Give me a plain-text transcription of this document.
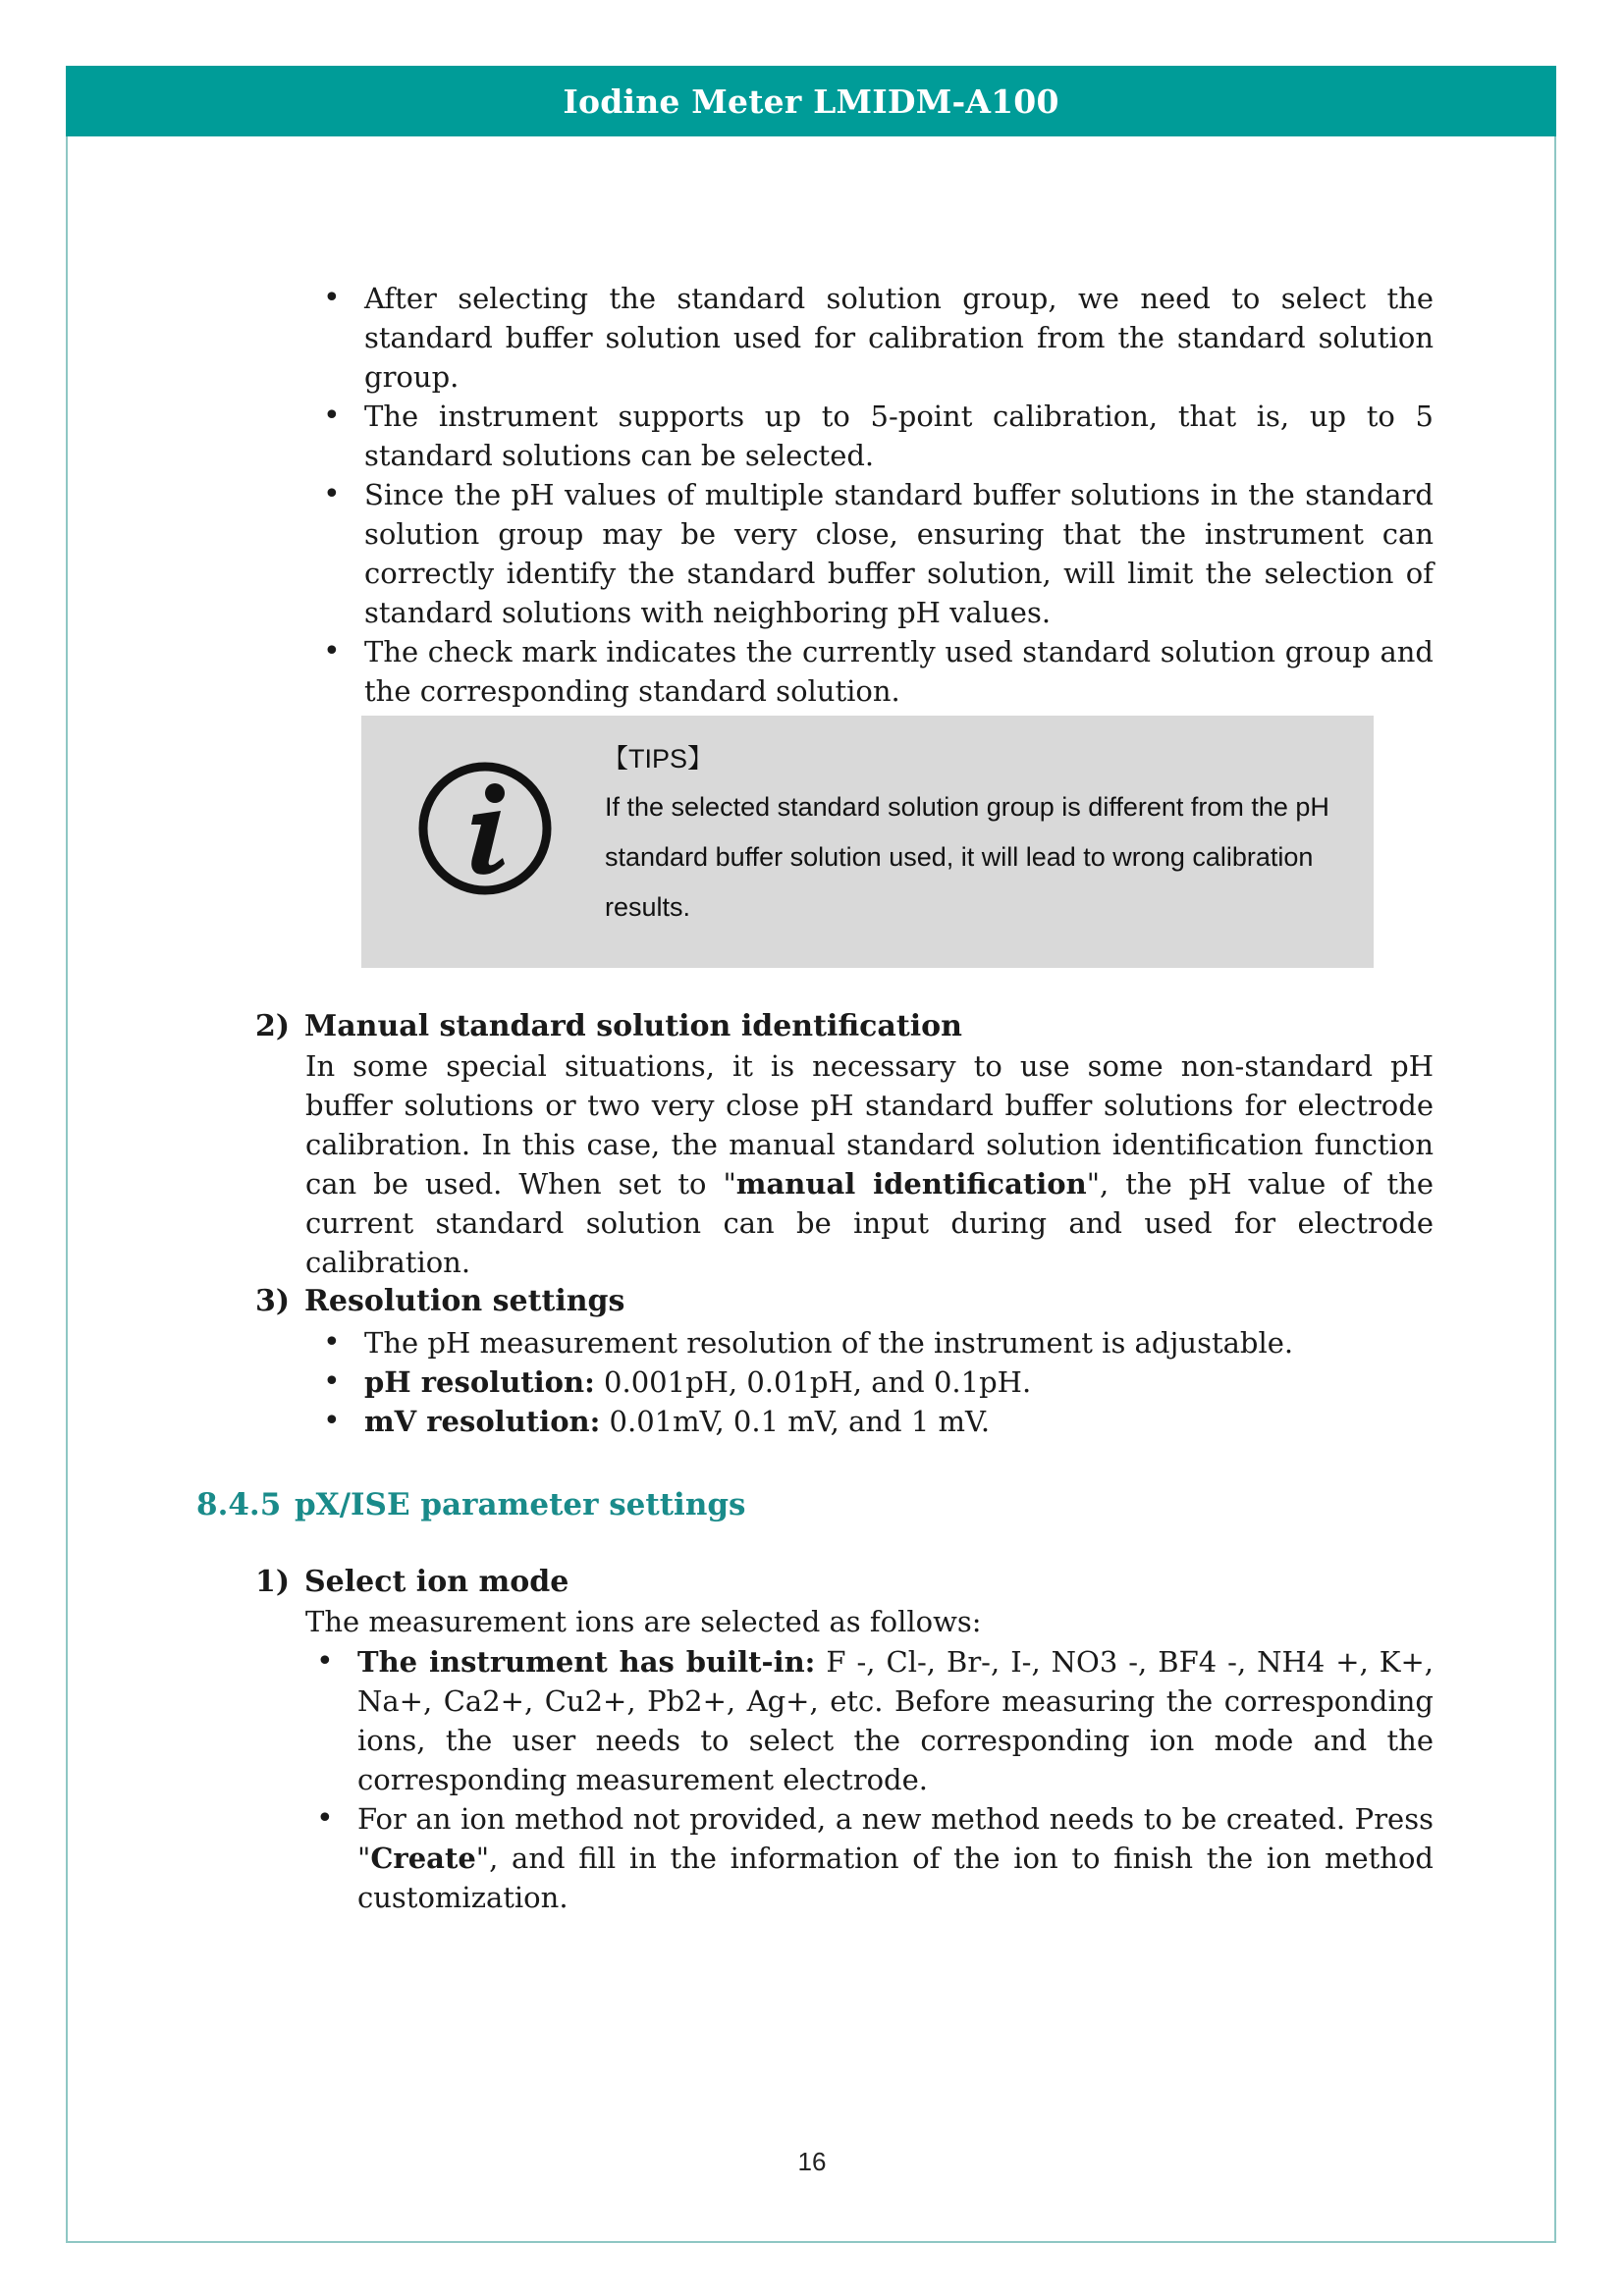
Iodine Meter LMIDM-A100
• After selecting the standard solution group, we need to select the standard buffer solution used for calibration from the standard solution group.
• The instrument supports up to 5-point calibration, that is, up to 5 standard solutions can be selected.
• Since the pH values of multiple standard buffer solutions in the standard solution group may be very close, ensuring that the instrument can correctly identify the standard buffer solution, will limit the selection of standard solutions with neighboring pH values.
• The check mark indicates the currently used standard solution group and the corresponding standard solution.
【TIPS】
If the selected standard solution group is different from the pH standard buffer solution used, it will lead to wrong calibration results.
2) Manual standard solution identification

In some special situations, it is necessary to use some non-standard pH buffer solutions or two very close pH standard buffer solutions for electrode calibration. In this case, the manual standard solution identification function can be used. When set to "manual identification", the pH value of the current standard solution can be input during and used for electrode calibration.

3) Resolution settings
• The pH measurement resolution of the instrument is adjustable.
• pH resolution: 0.001pH, 0.01pH, and 0.1pH.
• mV resolution: 0.01mV, 0.1 mV, and 1 mV.
8.4.5 pX/ISE parameter settings
1) Select ion mode

The measurement ions are selected as follows:

• The instrument has built-in: F -, Cl-, Br-, I-, NO3 -, BF4 -, NH4 +, K+, Na+, Ca2+, Cu2+, Pb2+, Ag+, etc. Before measuring the corresponding ions, the user needs to select the corresponding ion mode and the corresponding measurement electrode.
• For an ion method not provided, a new method needs to be created. Press "Create", and fill in the information of the ion to finish the ion method customization.
16
